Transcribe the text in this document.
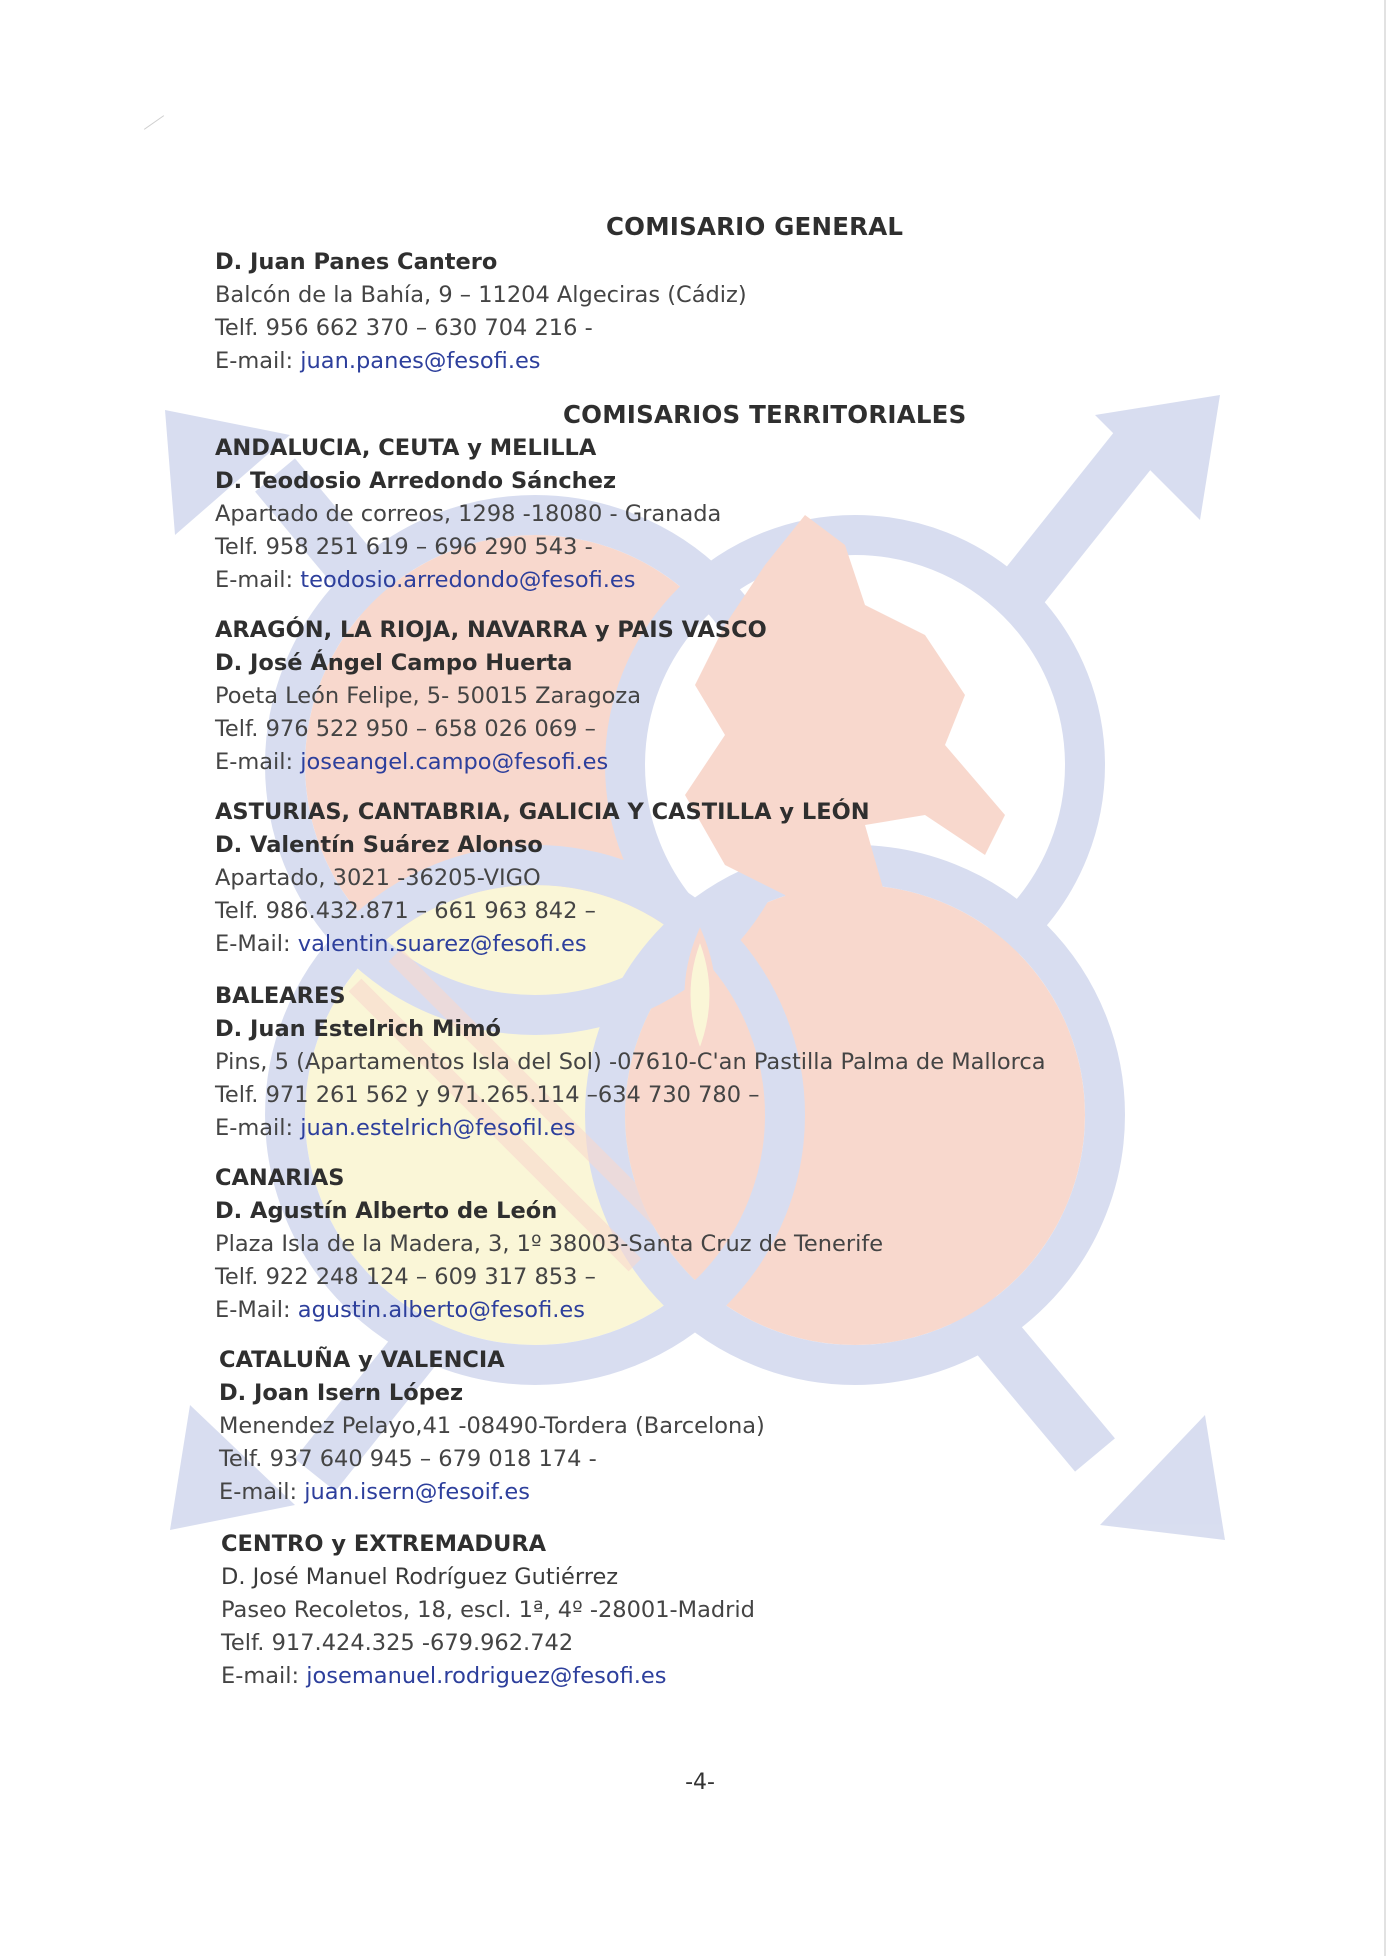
COMISARIO GENERAL
D. Juan Panes Cantero
Balcón de la Bahía, 9 – 11204 Algeciras (Cádiz)
Telf. 956 662 370 – 630 704 216 -
E-mail: juan.panes@fesofi.es
COMISARIOS TERRITORIALES
ANDALUCIA, CEUTA y MELILLA
D. Teodosio Arredondo Sánchez
Apartado de correos, 1298 -18080 - Granada
Telf. 958 251 619 – 696 290 543 -
E-mail: teodosio.arredondo@fesofi.es
ARAGÓN, LA RIOJA, NAVARRA y PAIS VASCO
D. José Ángel Campo Huerta
Poeta León Felipe, 5- 50015 Zaragoza
Telf. 976 522 950 – 658 026 069 –
E-mail: joseangel.campo@fesofi.es
ASTURIAS, CANTABRIA, GALICIA Y CASTILLA y LEÓN
D. Valentín Suárez Alonso
Apartado, 3021 -36205-VIGO
Telf. 986.432.871 – 661 963 842 –
E-Mail: valentin.suarez@fesofi.es
BALEARES
D. Juan Estelrich Mimó
Pins, 5 (Apartamentos Isla del Sol) -07610-C'an Pastilla Palma de Mallorca
Telf. 971 261 562 y 971.265.114 –634 730 780 –
E-mail: juan.estelrich@fesofil.es
CANARIAS
D. Agustín Alberto de León
Plaza Isla de la Madera, 3, 1º 38003-Santa Cruz de Tenerife
Telf. 922 248 124 – 609 317 853 –
E-Mail: agustin.alberto@fesofi.es
CATALUÑA y VALENCIA
D. Joan Isern López
Menendez Pelayo,41 -08490-Tordera (Barcelona)
Telf. 937 640 945 – 679 018 174 -
E-mail: juan.isern@fesoif.es
CENTRO y EXTREMADURA
D. José Manuel Rodríguez Gutiérrez
Paseo Recoletos, 18, escl. 1ª, 4º -28001-Madrid
Telf. 917.424.325 -679.962.742
E-mail: josemanuel.rodriguez@fesofi.es
-4-
